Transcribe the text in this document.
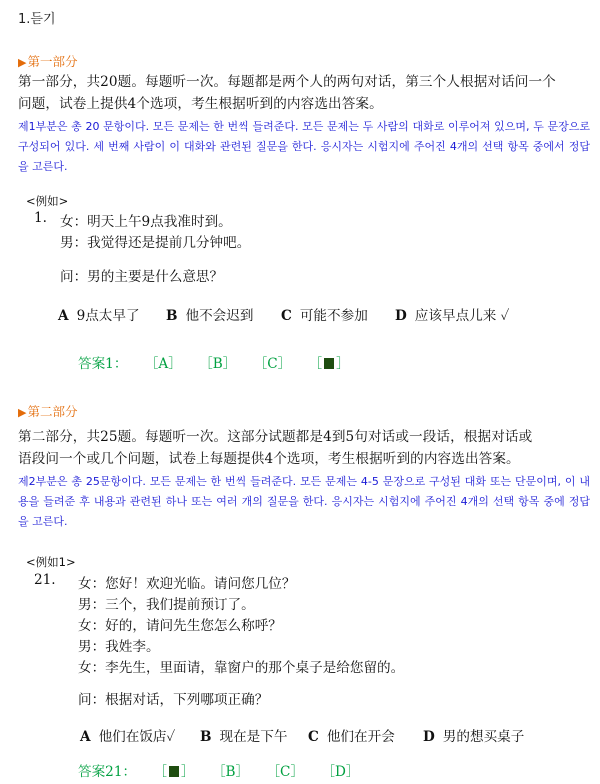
1.듣기
▶第一部分
第一部分，共20题。每题听一次。每题都是两个人的两句对话，第三个人根据对话问一个
问题，试卷上提供4个选项，考生根据听到的内容选出答案。
제1부분은 총 20 문항이다. 모든 문제는 한 번씩 들려준다. 모든 문제는 두 사람의 대화로 이루어져 있으며, 두 문장으로 구성되어 있다. 세 번째 사람이 이 대화와 관련된 질문을 한다. 응시자는 시험지에 주어진 4개의 선택 항목 중에서 정답을 고른다.
<例如>
1. 女：明天上午9点我准时到。
男：我觉得还是提前几分钟吧。
问：男的主要是什么意思？
A 9点太早了 B 他不会迟到 C 可能不参加 D 应该早点儿来 ✓
答案1： ［A］ ［B］ ［C］ ［ ］
▶第二部分
第二部分，共25题。每题听一次。这部分试题都是4到5句对话或一段话，根据对话或
语段问一个或几个问题，试卷上每题提供4个选项，考生根据听到的内容选出答案。
제2부분은 총 25문항이다. 모든 문제는 한 번씩 들려준다. 모든 문제는 4-5 문장으로 구성된 대화 또는 단문이며, 이 내용을 들려준 후 내용과 관련된 하나 또는 여러 개의 질문을 한다. 응시자는 시험지에 주어진 4개의 선택 항목 중에 정답을 고른다.
<例如1>
21. 女：您好！欢迎光临。请问您几位？
男：三个，我们提前预订了。
女：好的，请问先生您怎么称呼？
男：我姓李。
女：李先生，里面请，靠窗户的那个桌子是给您留的。
问：根据对话，下列哪项正确？
A 他们在饭店✓ B 现在是下午 C 他们在开会 D 男的想买桌子
答案21： ［ ］ ［B］ ［C］ ［D］
